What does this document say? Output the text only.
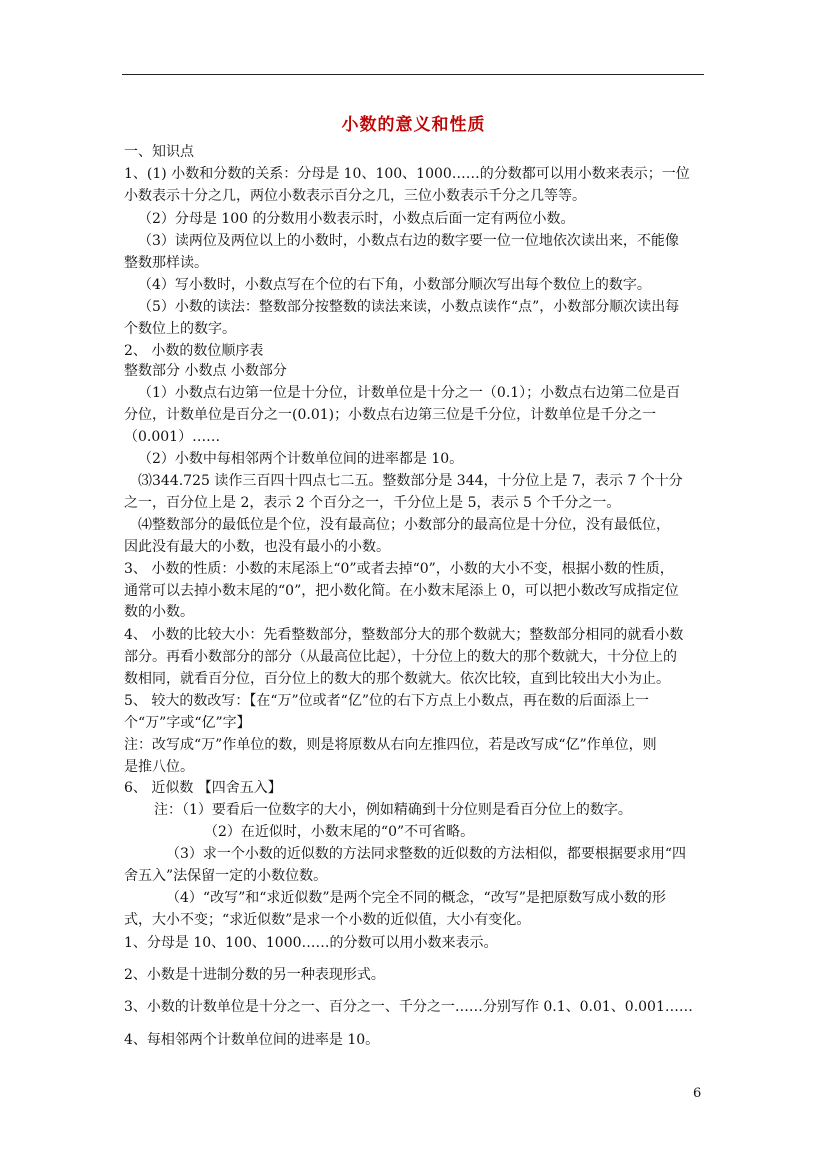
小数的意义和性质
一、知识点
1、(1) 小数和分数的关系：分母是 10、100、1000……的分数都可以用小数来表示；一位
小数表示十分之几，两位小数表示百分之几，三位小数表示千分之几等等。
（2）分母是 100 的分数用小数表示时，小数点后面一定有两位小数。
（3）读两位及两位以上的小数时，小数点右边的数字要一位一位地依次读出来，不能像
整数那样读。
（4）写小数时，小数点写在个位的右下角，小数部分顺次写出每个数位上的数字。
（5）小数的读法：整数部分按整数的读法来读，小数点读作“点”，小数部分顺次读出每
个数位上的数字。
2、 小数的数位顺序表
整数部分 小数点 小数部分
（1）小数点右边第一位是十分位，计数单位是十分之一（0.1）；小数点右边第二位是百
分位，计数单位是百分之一(0.01)；小数点右边第三位是千分位，计数单位是千分之一
（0.001）……
（2）小数中每相邻两个计数单位间的进率都是 10。
⑶344.725 读作三百四十四点七二五。整数部分是 344，十分位上是 7，表示 7 个十分
之一，百分位上是 2，表示 2 个百分之一，千分位上是 5，表示 5 个千分之一。
⑷整数部分的最低位是个位，没有最高位；小数部分的最高位是十分位，没有最低位，
因此没有最大的小数，也没有最小的小数。
3、 小数的性质：小数的末尾添上“0”或者去掉“0”，小数的大小不变，根据小数的性质，
通常可以去掉小数末尾的“0”，把小数化简。在小数末尾添上 0，可以把小数改写成指定位
数的小数。
4、 小数的比较大小：先看整数部分，整数部分大的那个数就大；整数部分相同的就看小数
部分。再看小数部分的部分（从最高位比起），十分位上的数大的那个数就大，十分位上的
数相同，就看百分位，百分位上的数大的那个数就大。依次比较，直到比较出大小为止。
5、 较大的数改写：【在“万”位或者“亿”位的右下方点上小数点，再在数的后面添上一
个“万”字或“亿”字】
注：改写成“万”作单位的数，则是将原数从右向左推四位，若是改写成“亿”作单位，则
是推八位。
6、 近似数 【四舍五入】
注：（1）要看后一位数字的大小，例如精确到十分位则是看百分位上的数字。
（2）在近似时，小数末尾的“0”不可省略。
（3）求一个小数的近似数的方法同求整数的近似数的方法相似，都要根据要求用“四
舍五入”法保留一定的小数位数。
（4）“改写”和“求近似数”是两个完全不同的概念，“改写”是把原数写成小数的形
式，大小不变；“求近似数”是求一个小数的近似值，大小有变化。
1、分母是 10、100、1000……的分数可以用小数来表示。
2、小数是十进制分数的另一种表现形式。
3、小数的计数单位是十分之一、百分之一、千分之一……分别写作 0.1、0.01、0.001……
4、每相邻两个计数单位间的进率是 10。
6
